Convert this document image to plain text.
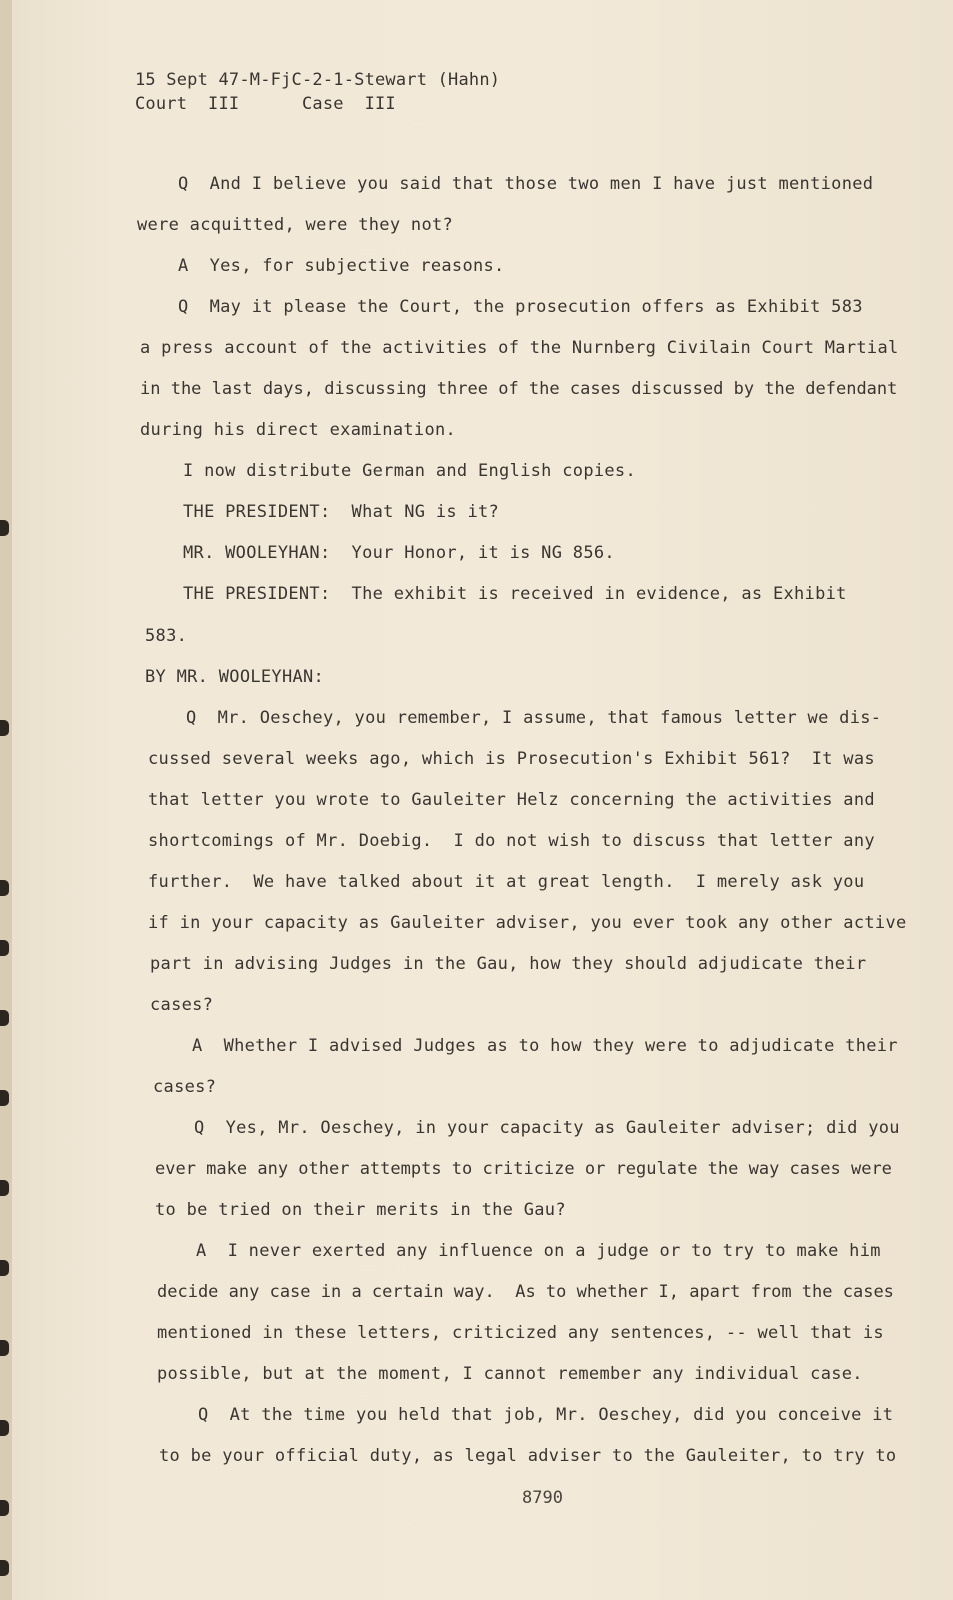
15 Sept 47-M-FjC-2-1-Stewart (Hahn)
Court  III      Case  III
Q  And I believe you said that those two men I have just mentioned
were acquitted, were they not?
A  Yes, for subjective reasons.
Q  May it please the Court, the prosecution offers as Exhibit 583
a press account of the activities of the Nurnberg Civilain Court Martial
in the last days, discussing three of the cases discussed by the defendant
during his direct examination.
I now distribute German and English copies.
THE PRESIDENT:  What NG is it?
MR. WOOLEYHAN:  Your Honor, it is NG 856.
THE PRESIDENT:  The exhibit is received in evidence, as Exhibit
583.
BY MR. WOOLEYHAN:
Q  Mr. Oeschey, you remember, I assume, that famous letter we dis-
cussed several weeks ago, which is Prosecution's Exhibit 561?  It was
that letter you wrote to Gauleiter Helz concerning the activities and
shortcomings of Mr. Doebig.  I do not wish to discuss that letter any
further.  We have talked about it at great length.  I merely ask you
if in your capacity as Gauleiter adviser, you ever took any other active
part in advising Judges in the Gau, how they should adjudicate their
cases?
A  Whether I advised Judges as to how they were to adjudicate their
cases?
Q  Yes, Mr. Oeschey, in your capacity as Gauleiter adviser; did you
ever make any other attempts to criticize or regulate the way cases were
to be tried on their merits in the Gau?
A  I never exerted any influence on a judge or to try to make him
decide any case in a certain way.  As to whether I, apart from the cases
mentioned in these letters, criticized any sentences, -- well that is
possible, but at the moment, I cannot remember any individual case.
Q  At the time you held that job, Mr. Oeschey, did you conceive it
to be your official duty, as legal adviser to the Gauleiter, to try to
8790
